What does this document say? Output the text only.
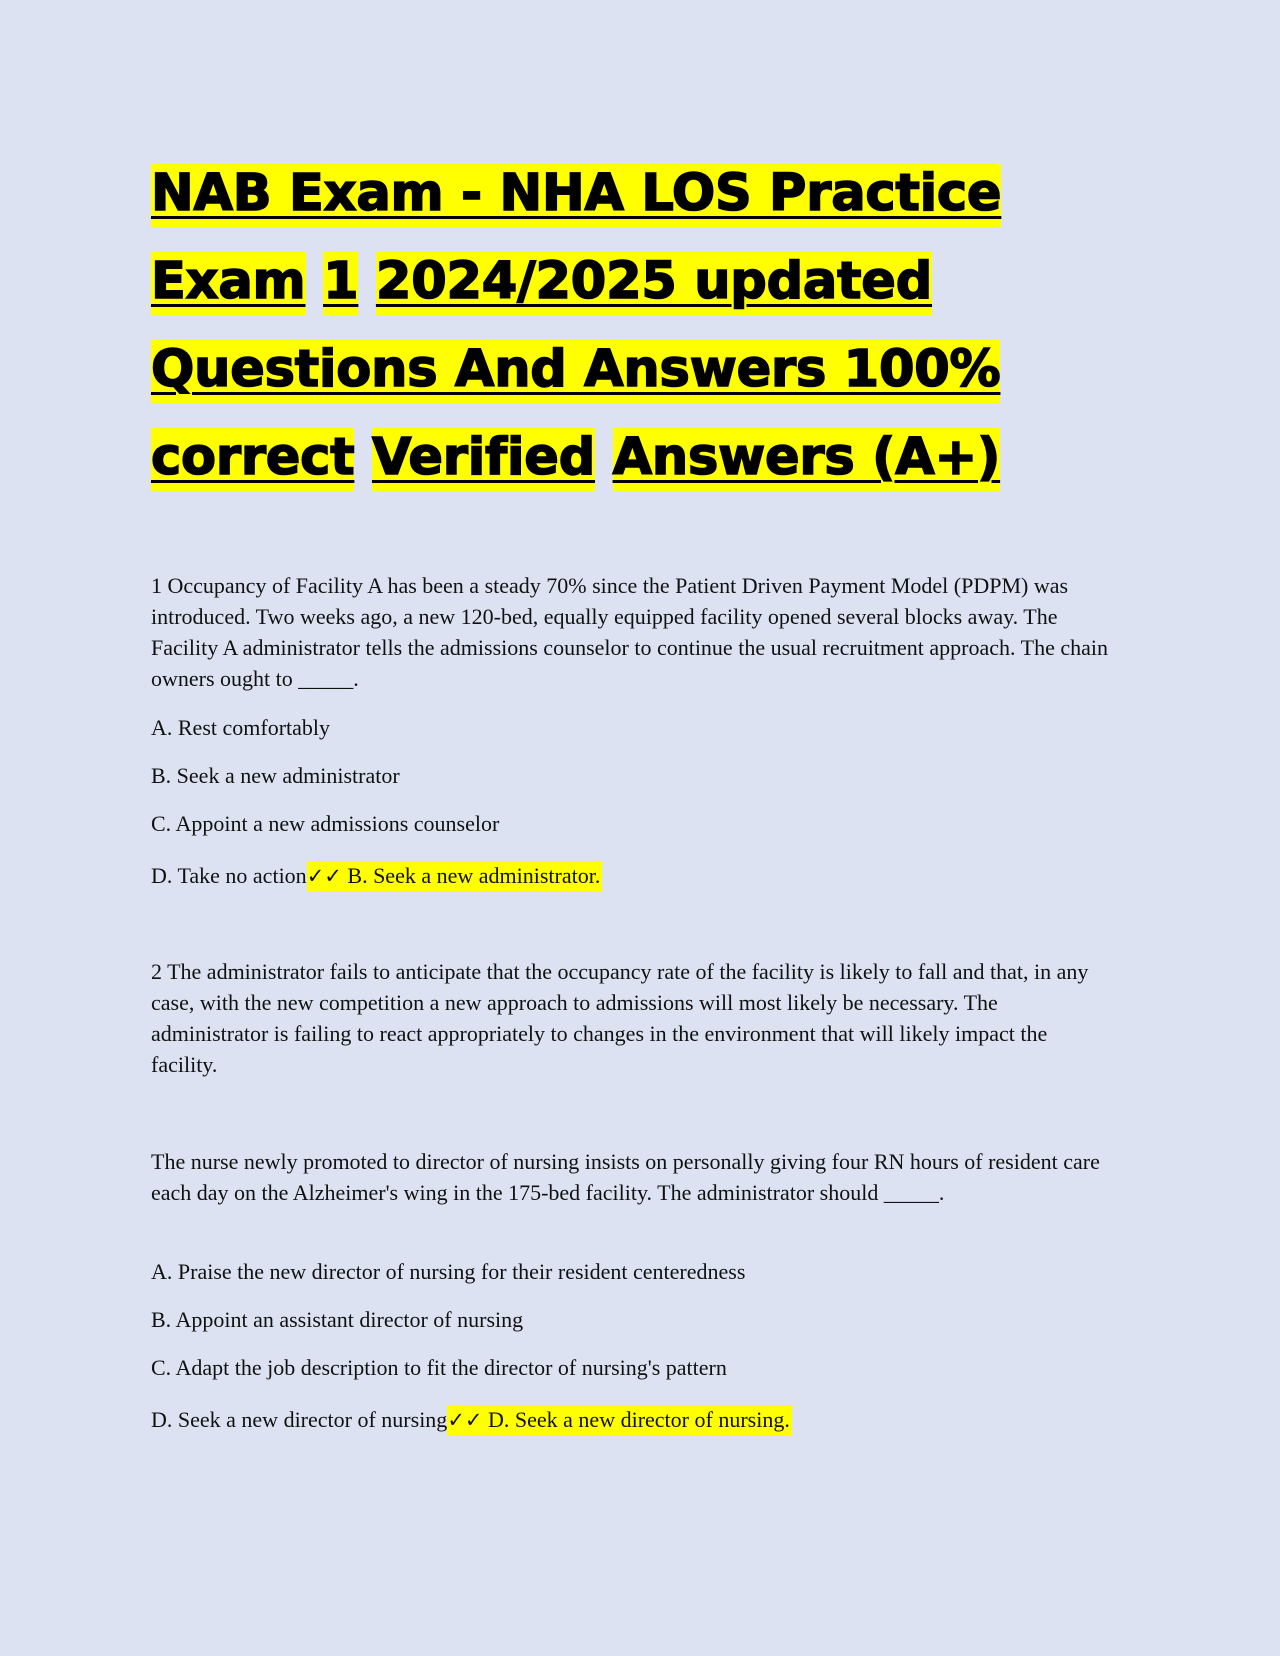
NAB Exam - NHA LOS Practice
Exam 1 2024/2025 updated
Questions And Answers 100%
correct Verified Answers (A+)

1 Occupancy of Facility A has been a steady 70% since the Patient Driven Payment Model (PDPM) was introduced. Two weeks ago, a new 120-bed, equally equipped facility opened several blocks away. The Facility A administrator tells the admissions counselor to continue the usual recruitment approach. The chain owners ought to _____.

A. Rest comfortably

B. Seek a new administrator

C. Appoint a new admissions counselor

D. Take no action✓✓ B. Seek a new administrator.

2 The administrator fails to anticipate that the occupancy rate of the facility is likely to fall and that, in any case, with the new competition a new approach to admissions will most likely be necessary. The administrator is failing to react appropriately to changes in the environment that will likely impact the facility.

The nurse newly promoted to director of nursing insists on personally giving four RN hours of resident care each day on the Alzheimer's wing in the 175-bed facility. The administrator should _____.

A. Praise the new director of nursing for their resident centeredness

B. Appoint an assistant director of nursing

C. Adapt the job description to fit the director of nursing's pattern

D. Seek a new director of nursing✓✓ D. Seek a new director of nursing.
